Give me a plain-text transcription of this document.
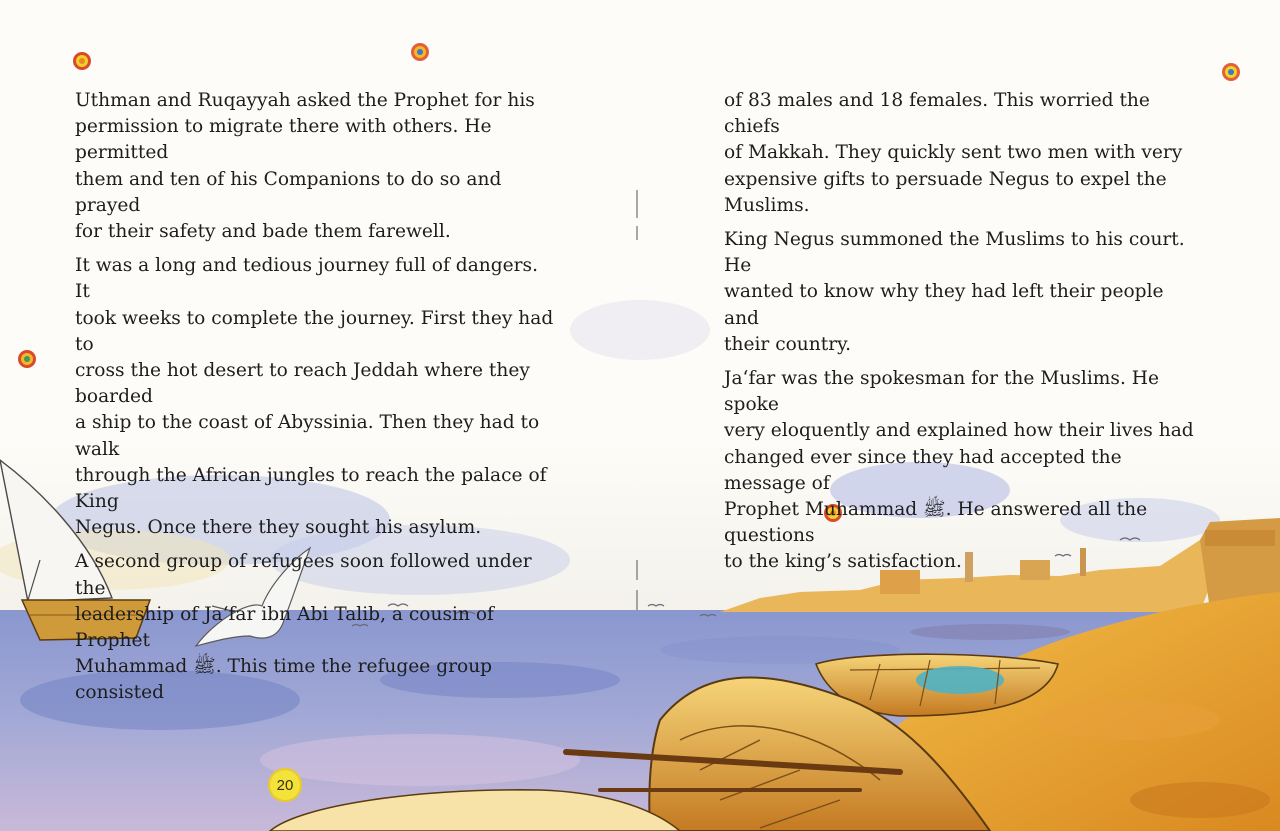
Uthman and Ruqayyah asked the Prophet for his
permission to migrate there with others. He permitted
them and ten of his Companions to do so and prayed
for their safety and bade them farewell.

It was a long and tedious journey full of dangers. It
took weeks to complete the journey. First they had to
cross the hot desert to reach Jeddah where they boarded
a ship to the coast of Abyssinia. Then they had to walk
through the African jungles to reach the palace of King
Negus. Once there they sought his asylum.

A second group of refugees soon followed under the
leadership of Ja‘far ibn Abi Talib, a cousin of Prophet
Muhammad ﷺ. This time the refugee group consisted

of 83 males and 18 females. This worried the chiefs
of Makkah. They quickly sent two men with very
expensive gifts to persuade Negus to expel the Muslims.

King Negus summoned the Muslims to his court. He
wanted to know why they had left their people and
their country.

Ja‘far was the spokesman for the Muslims. He spoke
very eloquently and explained how their lives had
changed ever since they had accepted the message of
Prophet Muhammad ﷺ. He answered all the questions
to the king’s satisfaction.

20
